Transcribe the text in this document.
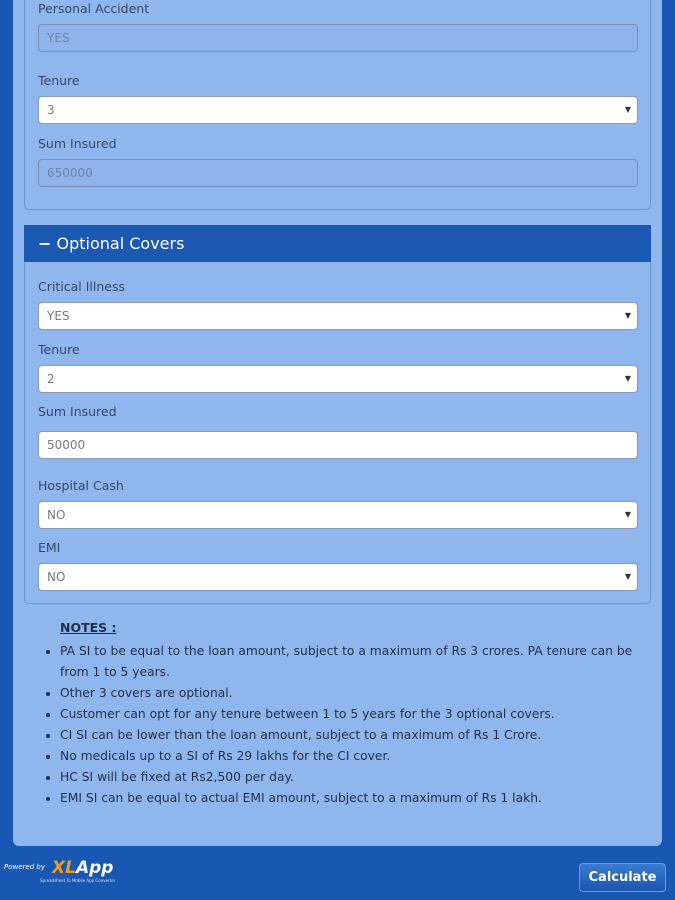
Personal Accident
YES
Tenure
3	▼
Sum Insured
650000
− Optional Covers
Critical Illness
YES	▼
Tenure
2	▼
Sum Insured
50000
Hospital Cash
NO	▼
EMI
NO	▼
NOTES :
• PA SI to be equal to the loan amount, subject to a maximum of Rs 3 crores. PA tenure can be from 1 to 5 years.
• Other 3 covers are optional.
• Customer can opt for any tenure between 1 to 5 years for the 3 optional covers.
• CI SI can be lower than the loan amount, subject to a maximum of Rs 1 Crore.
• No medicals up to a SI of Rs 29 lakhs for the CI cover.
• HC SI will be fixed at Rs2,500 per day.
• EMI SI can be equal to actual EMI amount, subject to a maximum of Rs 1 lakh.
Powered by XLApp
Spreadsheet To Mobile App Converter	Calculate
